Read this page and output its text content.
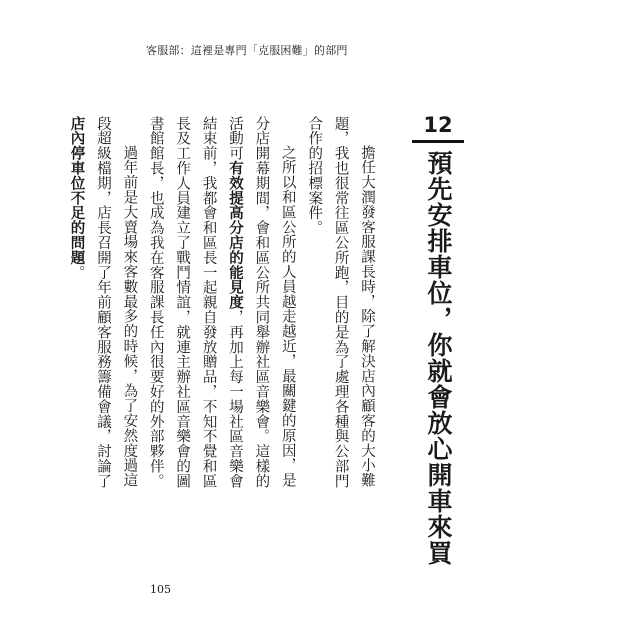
客服部：這裡是專門「克服困難」的部門
12
預先安排車位，你就會放心開車來買

擔任大潤發客服課長時，除了解決店內顧客的大小難題，我也很常往區公所跑，目的是為了處理各種與公部門合作的招標案件。

之所以和區公所的人員越走越近，最關鍵的原因，是分店開幕期間，會和區公所共同舉辦社區音樂會。這樣的活動可有效提高分店的能見度，再加上每一場社區音樂會結束前，我都會和區長一起親自發放贈品，不知不覺和區長及工作人員建立了戰鬥情誼，就連主辦社區音樂會的圖書館館長，也成為我在客服課長任內很要好的外部夥伴。

過年前是大賣場來客數最多的時候，為了安然度過這段超級檔期，店長召開了年前顧客服務籌備會議，討論了店內停車位不足的問題。

105
